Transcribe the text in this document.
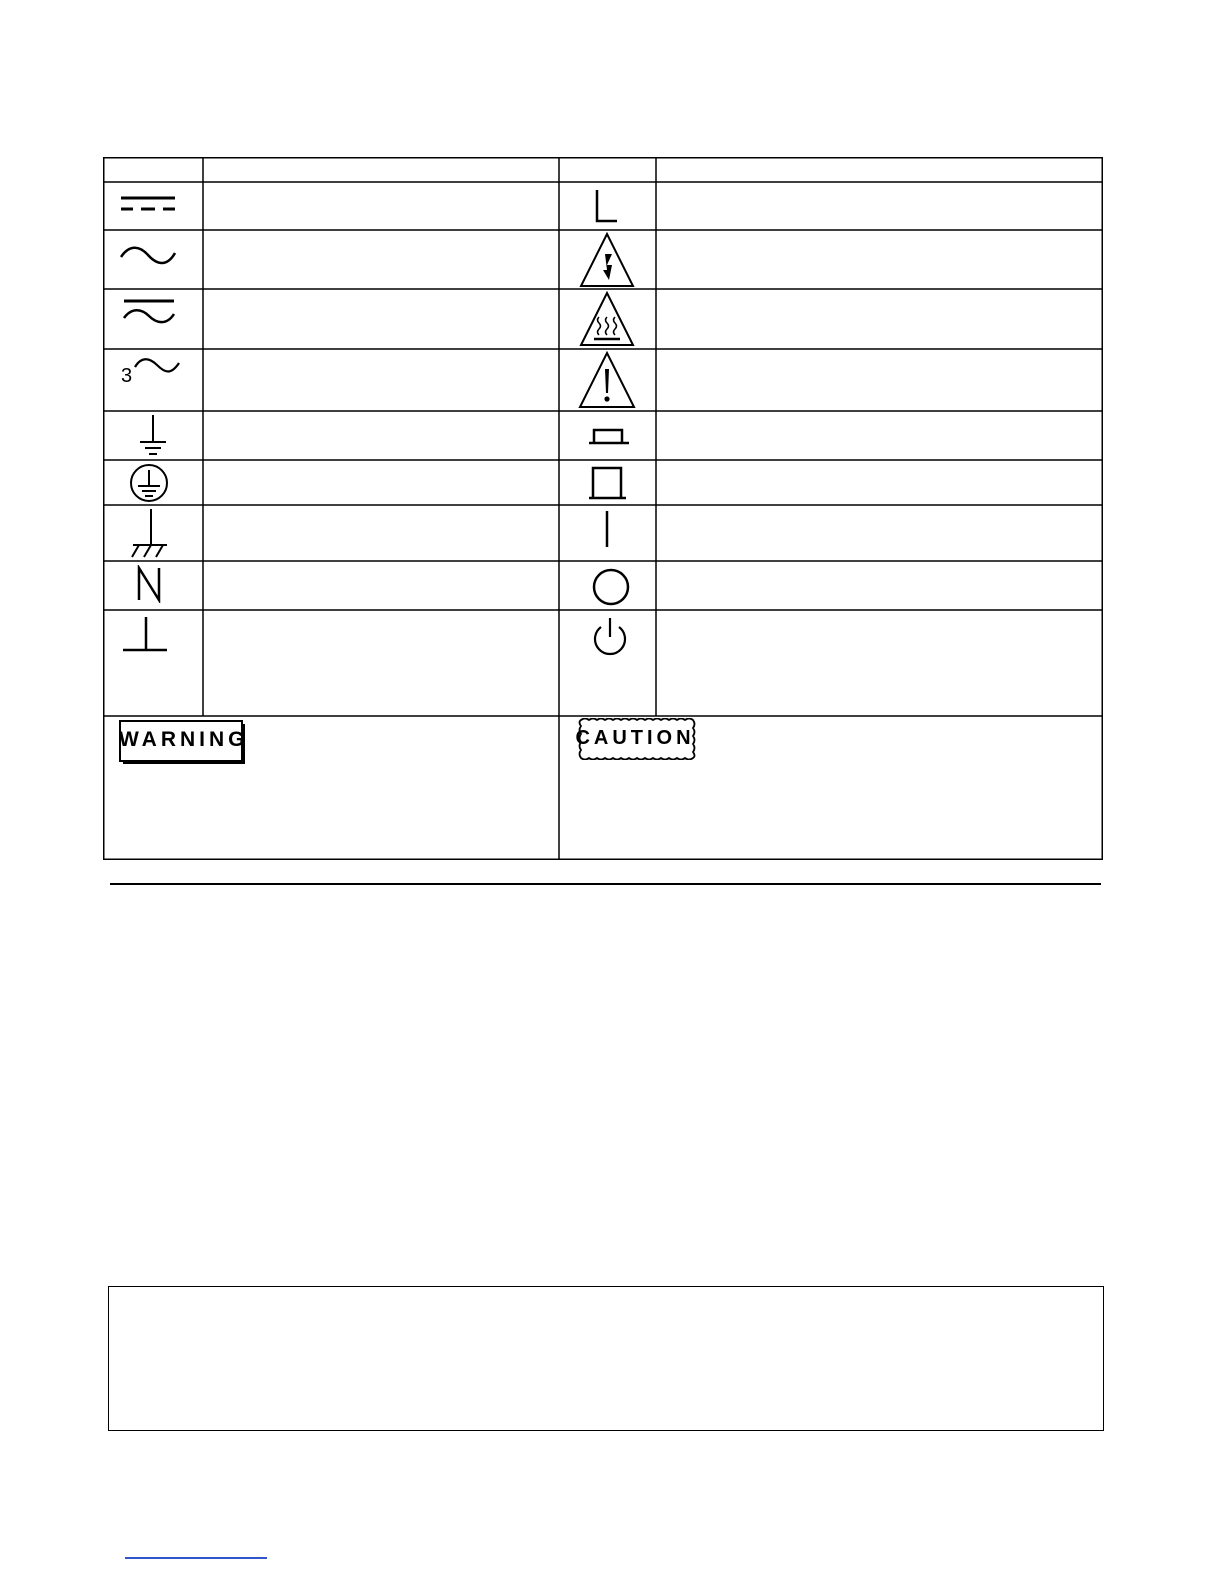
3
WARNING	CAUTION
